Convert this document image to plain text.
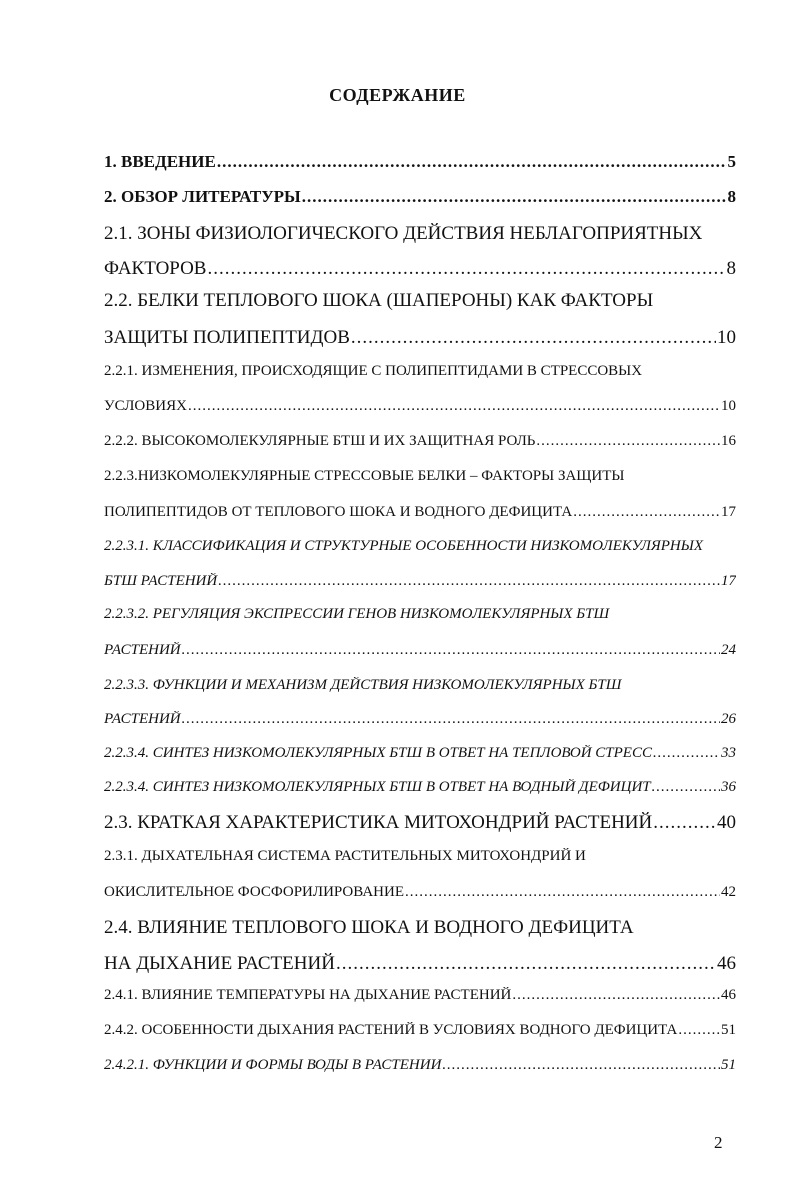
СОДЕРЖАНИЕ
1. ВВЕДЕНИЕ .....	5
2. ОБЗОР ЛИТЕРАТУРЫ .....	8
2.1. ЗОНЫ ФИЗИОЛОГИЧЕСКОГО ДЕЙСТВИЯ НЕБЛАГОПРИЯТНЫХ
ФАКТОРОВ .....	8
2.2. БЕЛКИ ТЕПЛОВОГО ШОКА (ШАПЕРОНЫ) КАК ФАКТОРЫ
ЗАЩИТЫ ПОЛИПЕПТИДОВ .....	10
2.2.1. ИЗМЕНЕНИЯ, ПРОИСХОДЯЩИЕ С ПОЛИПЕПТИДАМИ В СТРЕССОВЫХ
УСЛОВИЯХ .....	10
2.2.2. ВЫСОКОМОЛЕКУЛЯРНЫЕ БТШ И ИХ ЗАЩИТНАЯ РОЛЬ .....	16
2.2.3.НИЗКОМОЛЕКУЛЯРНЫЕ СТРЕССОВЫЕ БЕЛКИ – ФАКТОРЫ ЗАЩИТЫ
ПОЛИПЕПТИДОВ ОТ ТЕПЛОВОГО ШОКА И ВОДНОГО ДЕФИЦИТА .....	17
2.2.3.1. КЛАССИФИКАЦИЯ И СТРУКТУРНЫЕ ОСОБЕННОСТИ НИЗКОМОЛЕКУЛЯРНЫХ
БТШ РАСТЕНИЙ .....	17
2.2.3.2. РЕГУЛЯЦИЯ ЭКСПРЕССИИ ГЕНОВ НИЗКОМОЛЕКУЛЯРНЫХ БТШ
РАСТЕНИЙ .....	24
2.2.3.3. ФУНКЦИИ И МЕХАНИЗМ ДЕЙСТВИЯ НИЗКОМОЛЕКУЛЯРНЫХ БТШ
РАСТЕНИЙ .....	26
2.2.3.4. СИНТЕЗ НИЗКОМОЛЕКУЛЯРНЫХ БТШ В ОТВЕТ НА ТЕПЛОВОЙ СТРЕСС .....	33
2.2.3.4. СИНТЕЗ НИЗКОМОЛЕКУЛЯРНЫХ БТШ В ОТВЕТ НА ВОДНЫЙ ДЕФИЦИТ .....	36
2.3. КРАТКАЯ ХАРАКТЕРИСТИКА МИТОХОНДРИЙ РАСТЕНИЙ .....	40
2.3.1. ДЫХАТЕЛЬНАЯ СИСТЕМА РАСТИТЕЛЬНЫХ МИТОХОНДРИЙ И
ОКИСЛИТЕЛЬНОЕ ФОСФОРИЛИРОВАНИЕ .....	42
2.4. ВЛИЯНИЕ ТЕПЛОВОГО ШОКА И ВОДНОГО ДЕФИЦИТА
НА ДЫХАНИЕ РАСТЕНИЙ .....	46
2.4.1. ВЛИЯНИЕ ТЕМПЕРАТУРЫ НА ДЫХАНИЕ РАСТЕНИЙ .....	46
2.4.2. ОСОБЕННОСТИ ДЫХАНИЯ РАСТЕНИЙ В УСЛОВИЯХ ВОДНОГО ДЕФИЦИТА .....	51
2.4.2.1. ФУНКЦИИ И ФОРМЫ ВОДЫ В РАСТЕНИИ .....	51
2
